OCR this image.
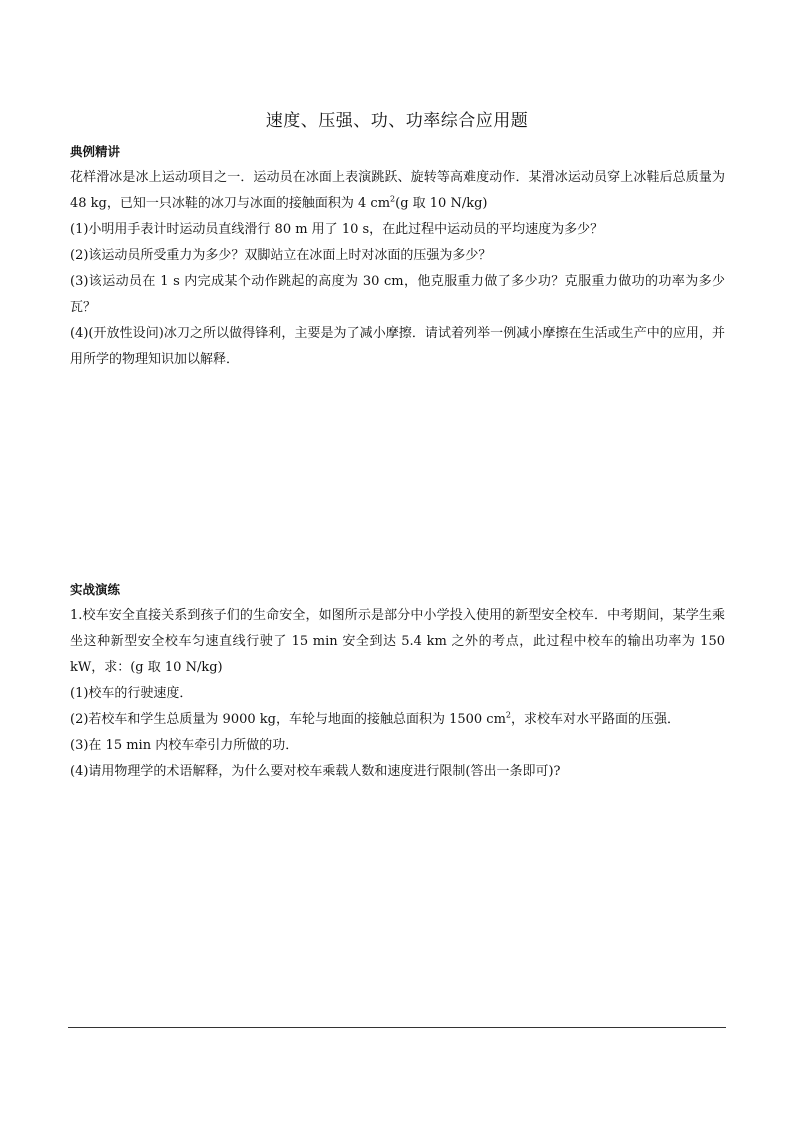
速度、压强、功、功率综合应用题
典例精讲

花样滑冰是冰上运动项目之一．运动员在冰面上表演跳跃、旋转等高难度动作．某滑冰运动员穿上冰鞋后总质量为 48 kg，已知一只冰鞋的冰刀与冰面的接触面积为 4 $cm^2(g$ 取 10 N/kg)

(1)小明用手表计时运动员直线滑行 80 m 用了 10 s，在此过程中运动员的平均速度为多少？

(2)该运动员所受重力为多少？双脚站立在冰面上时对冰面的压强为多少？

(3)该运动员在 1 s 内完成某个动作跳起的高度为 30 cm，他克服重力做了多少功？克服重力做功的功率为多少瓦？

(4)(开放性设问)冰刀之所以做得锋利，主要是为了减小摩擦．请试着列举一例减小摩擦在生活或生产中的应用，并用所学的物理知识加以解释．

实战演练

1.校车安全直接关系到孩子们的生命安全，如图所示是部分中小学投入使用的新型安全校车．中考期间，某学生乘坐这种新型安全校车匀速直线行驶了 15 min 安全到达 5.4 km 之外的考点，此过程中校车的输出功率为 150 kW，求：(g 取 10 N/kg)

(1)校车的行驶速度．

(2)若校车和学生总质量为 9000 kg，车轮与地面的接触总面积为 1500 $cm^2$，求校车对水平路面的压强．

(3)在 15 min 内校车牵引力所做的功．

(4)请用物理学的术语解释，为什么要对校车乘载人数和速度进行限制(答出一条即可)?
